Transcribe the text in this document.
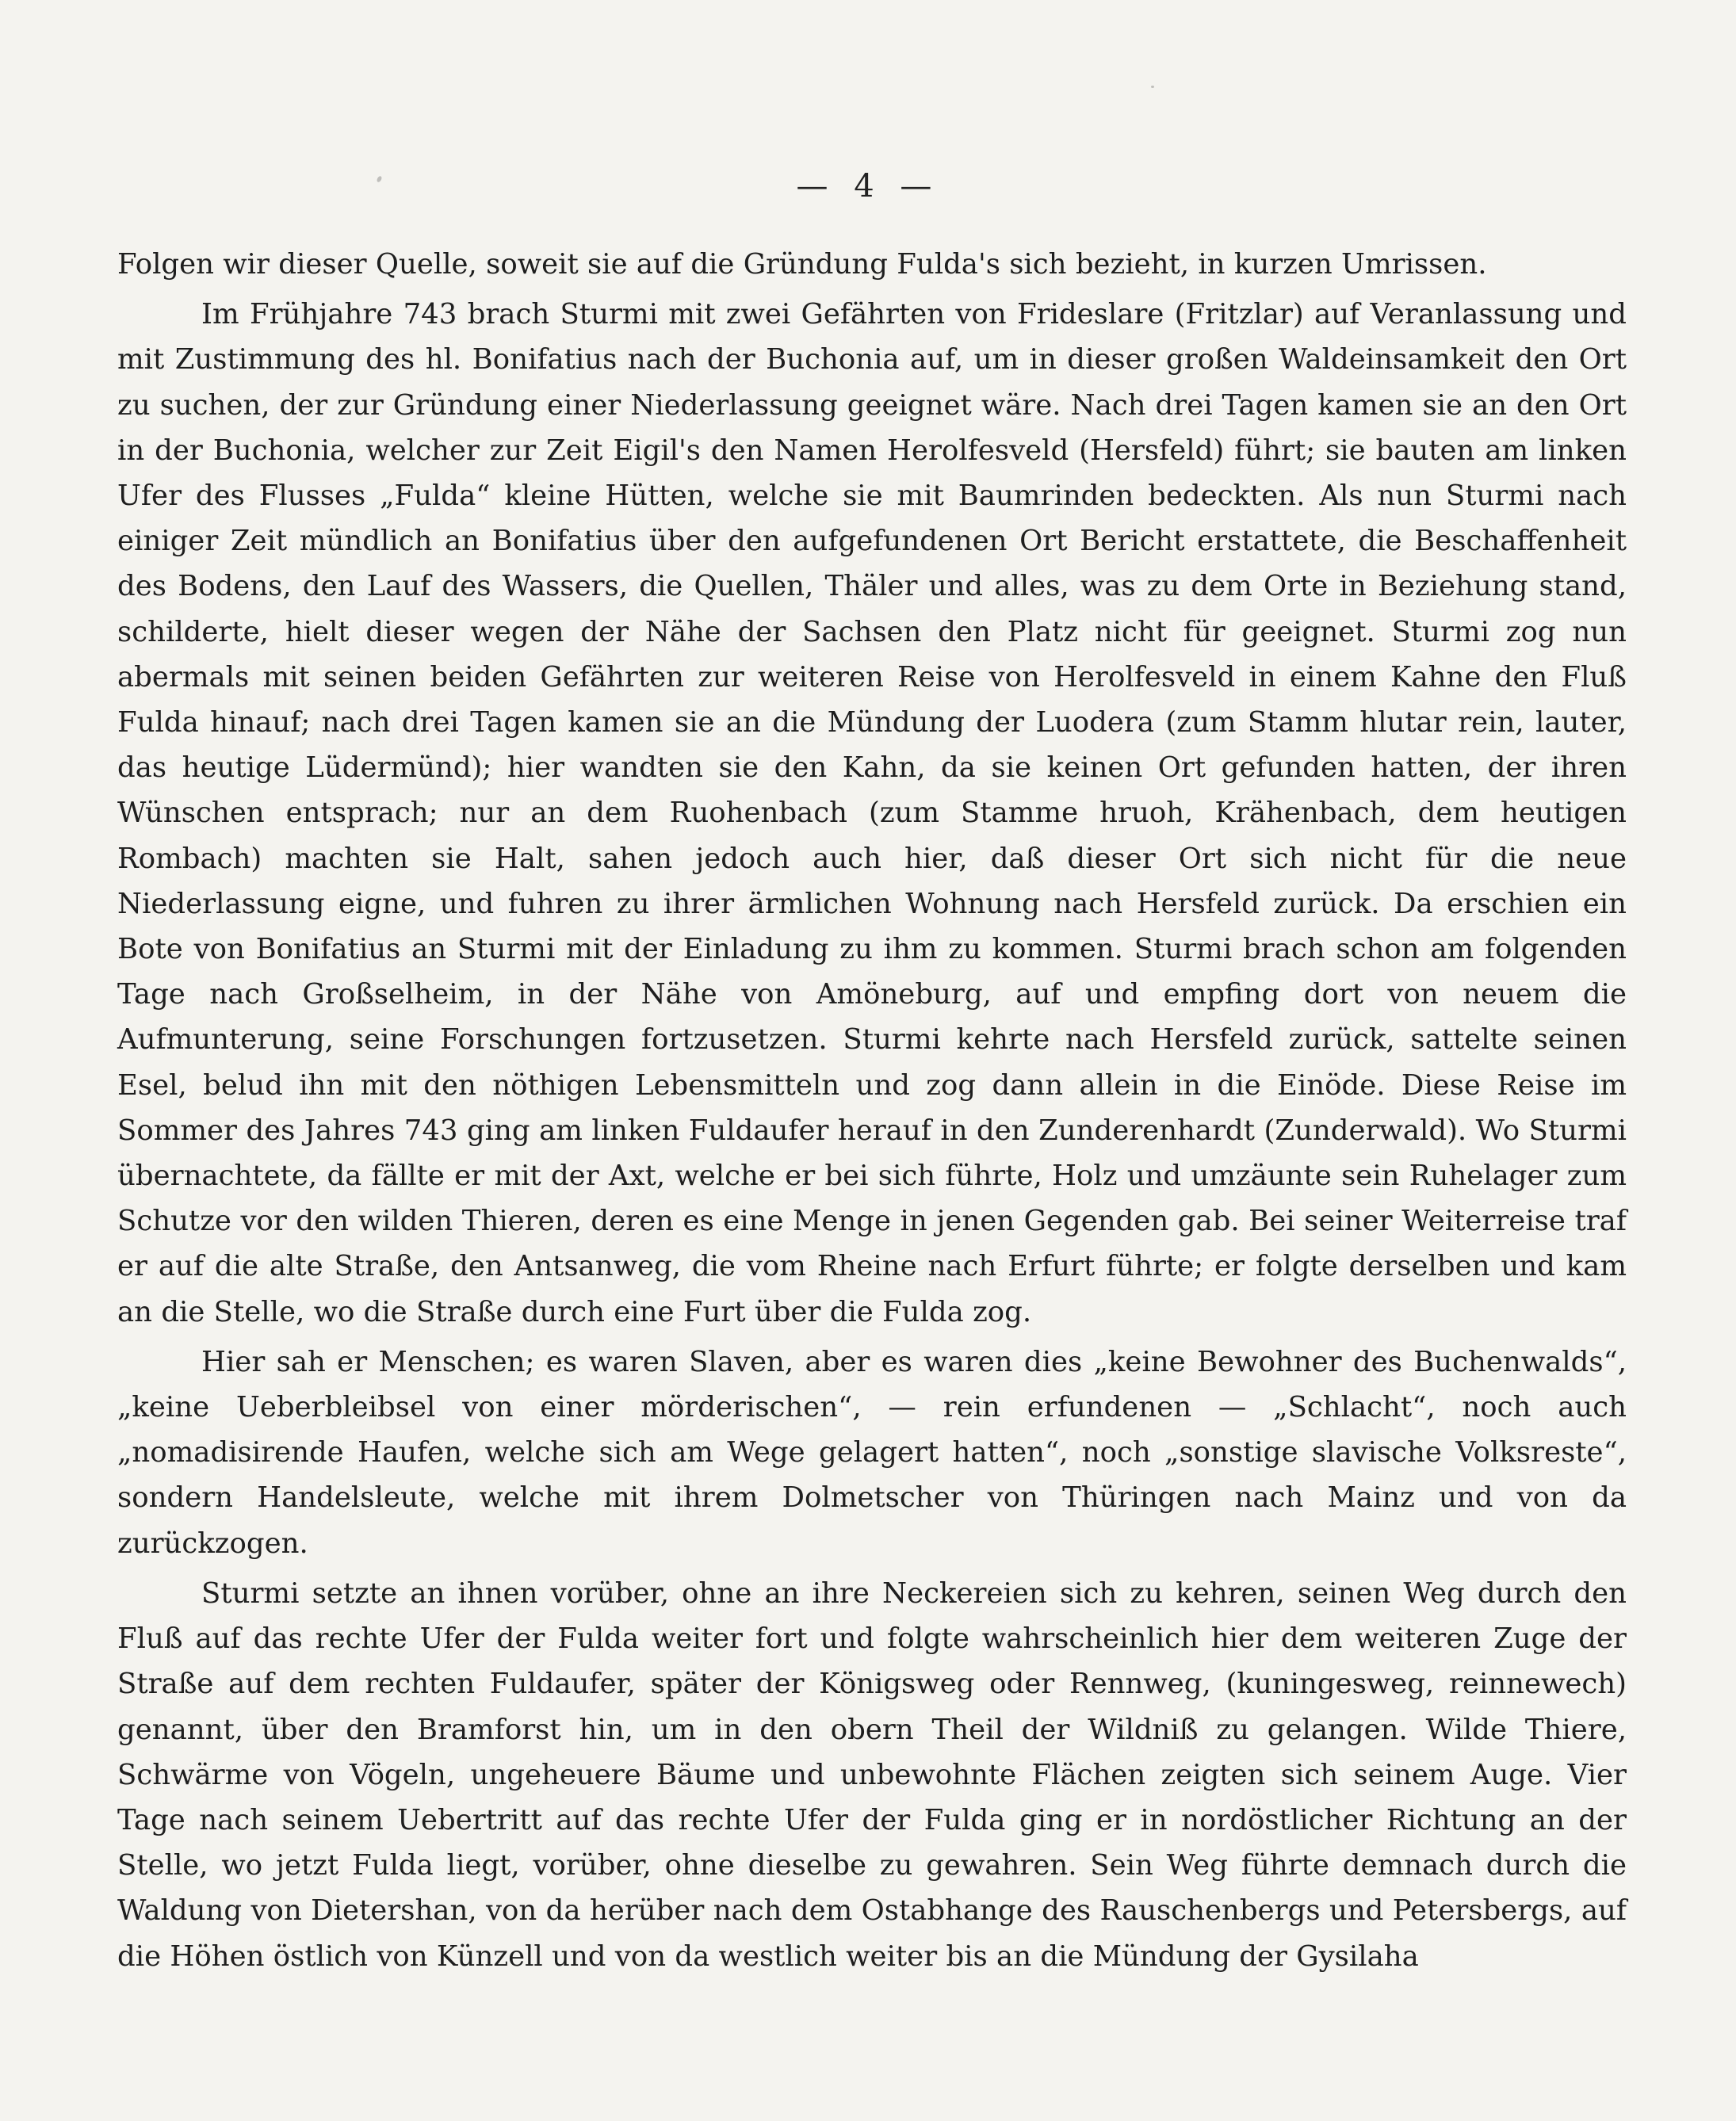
— 4 —

Folgen wir dieser Quelle, soweit sie auf die Gründung Fulda's sich bezieht, in kurzen Umrissen.

Im Frühjahre 743 brach Sturmi mit zwei Gefährten von Frideslare (Fritzlar) auf Veranlassung und mit Zustimmung des hl. Bonifatius nach der Buchonia auf, um in dieser großen Waldeinsamkeit den Ort zu suchen, der zur Gründung einer Niederlassung geeignet wäre. Nach drei Tagen kamen sie an den Ort in der Buchonia, welcher zur Zeit Eigil's den Namen Herolfesveld (Hersfeld) führt; sie bauten am linken Ufer des Flusses „Fulda“ kleine Hütten, welche sie mit Baumrinden bedeckten. Als nun Sturmi nach einiger Zeit mündlich an Bonifatius über den aufgefundenen Ort Bericht erstattete, die Beschaffenheit des Bodens, den Lauf des Wassers, die Quellen, Thäler und alles, was zu dem Orte in Beziehung stand, schilderte, hielt dieser wegen der Nähe der Sachsen den Platz nicht für geeignet. Sturmi zog nun abermals mit seinen beiden Gefährten zur weiteren Reise von Herolfesveld in einem Kahne den Fluß Fulda hinauf; nach drei Tagen kamen sie an die Mündung der Luodera (zum Stamm hlutar rein, lauter, das heutige Lüdermünd); hier wandten sie den Kahn, da sie keinen Ort gefunden hatten, der ihren Wünschen entsprach; nur an dem Ruohenbach (zum Stamme hruoh, Krähenbach, dem heutigen Rombach) machten sie Halt, sahen jedoch auch hier, daß dieser Ort sich nicht für die neue Niederlassung eigne, und fuhren zu ihrer ärmlichen Wohnung nach Hersfeld zurück. Da erschien ein Bote von Bonifatius an Sturmi mit der Einladung zu ihm zu kommen. Sturmi brach schon am folgenden Tage nach Großselheim, in der Nähe von Amöneburg, auf und empfing dort von neuem die Aufmunterung, seine Forschungen fortzusetzen. Sturmi kehrte nach Hersfeld zurück, sattelte seinen Esel, belud ihn mit den nöthigen Lebensmitteln und zog dann allein in die Einöde. Diese Reise im Sommer des Jahres 743 ging am linken Fuldaufer herauf in den Zunderenhardt (Zunderwald). Wo Sturmi übernachtete, da fällte er mit der Axt, welche er bei sich führte, Holz und umzäunte sein Ruhelager zum Schutze vor den wilden Thieren, deren es eine Menge in jenen Gegenden gab. Bei seiner Weiterreise traf er auf die alte Straße, den Antsanweg, die vom Rheine nach Erfurt führte; er folgte derselben und kam an die Stelle, wo die Straße durch eine Furt über die Fulda zog.

Hier sah er Menschen; es waren Slaven, aber es waren dies „keine Bewohner des Buchenwalds“, „keine Ueberbleibsel von einer mörderischen“, — rein erfundenen — „Schlacht“, noch auch „nomadisirende Haufen, welche sich am Wege gelagert hatten“, noch „sonstige slavische Volksreste“, sondern Handelsleute, welche mit ihrem Dolmetscher von Thüringen nach Mainz und von da zurückzogen.

Sturmi setzte an ihnen vorüber, ohne an ihre Neckereien sich zu kehren, seinen Weg durch den Fluß auf das rechte Ufer der Fulda weiter fort und folgte wahrscheinlich hier dem weiteren Zuge der Straße auf dem rechten Fuldaufer, später der Königsweg oder Rennweg, (kuningesweg, reinnewech) genannt, über den Bramforst hin, um in den obern Theil der Wildniß zu gelangen. Wilde Thiere, Schwärme von Vögeln, ungeheuere Bäume und unbewohnte Flächen zeigten sich seinem Auge. Vier Tage nach seinem Uebertritt auf das rechte Ufer der Fulda ging er in nordöstlicher Richtung an der Stelle, wo jetzt Fulda liegt, vorüber, ohne dieselbe zu gewahren. Sein Weg führte demnach durch die Waldung von Dietershan, von da herüber nach dem Ostabhange des Rauschenbergs und Petersbergs, auf die Höhen östlich von Künzell und von da westlich weiter bis an die Mündung der Gysilaha
